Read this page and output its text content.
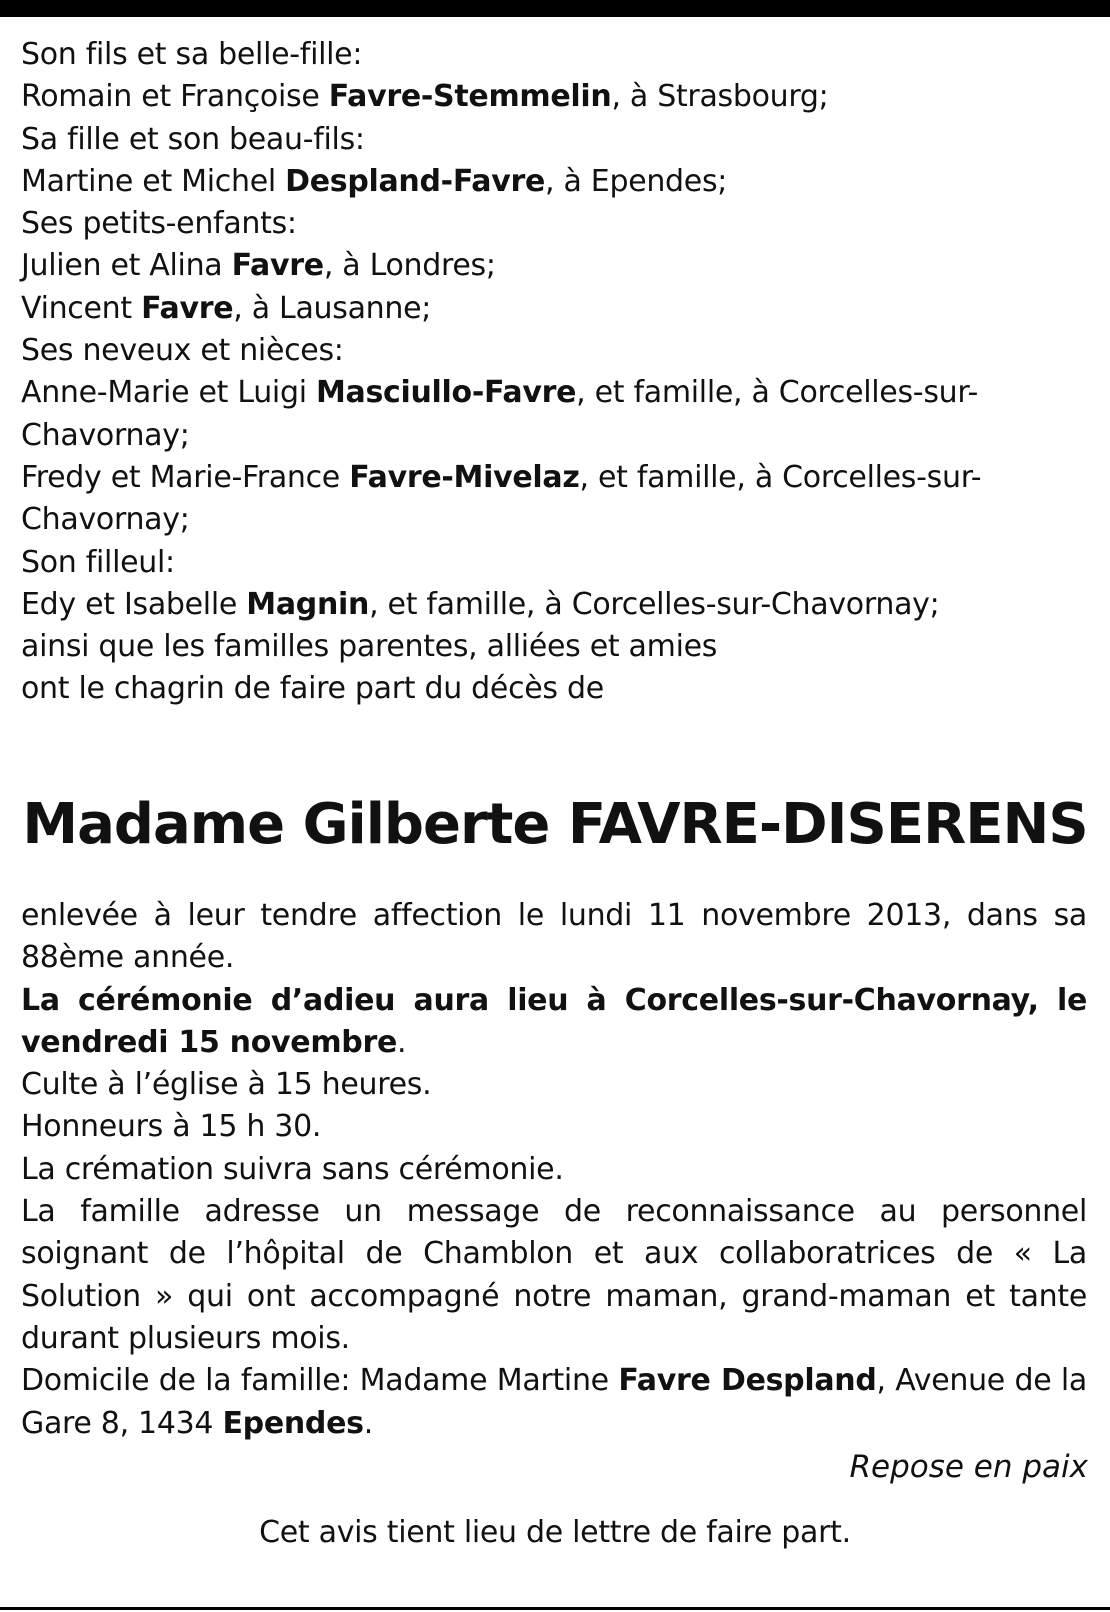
Son fils et sa belle-fille:

Romain et Françoise Favre-Stemmelin, à Strasbourg;

Sa fille et son beau-fils:

Martine et Michel Despland-Favre, à Ependes;

Ses petits-enfants:

Julien et Alina Favre, à Londres;

Vincent Favre, à Lausanne;

Ses neveux et nièces:

Anne-Marie et Luigi Masciullo-Favre, et famille, à Corcelles-sur-

Chavornay;

Fredy et Marie-France Favre-Mivelaz, et famille, à Corcelles-sur-

Chavornay;

Son filleul:

Edy et Isabelle Magnin, et famille, à Corcelles-sur-Chavornay;

ainsi que les familles parentes, alliées et amies

ont le chagrin de faire part du décès de

Madame Gilberte FAVRE-DISERENS

enlevée à leur tendre affection le lundi 11 novembre 2013, dans sa 88ème année.

La cérémonie d’adieu aura lieu à Corcelles-sur-Chavornay, le vendredi 15 novembre.

Culte à l’église à 15 heures.

Honneurs à 15 h 30.

La crémation suivra sans cérémonie.

La famille adresse un message de reconnaissance au personnel soignant de l’hôpital de Chamblon et aux collaboratrices de « La Solution » qui ont accompagné notre maman, grand-maman et tante durant plusieurs mois.

Domicile de la famille: Madame Martine Favre Despland, Avenue de la Gare 8, 1434 Ependes.

Repose en paix
Cet avis tient lieu de lettre de faire part.
